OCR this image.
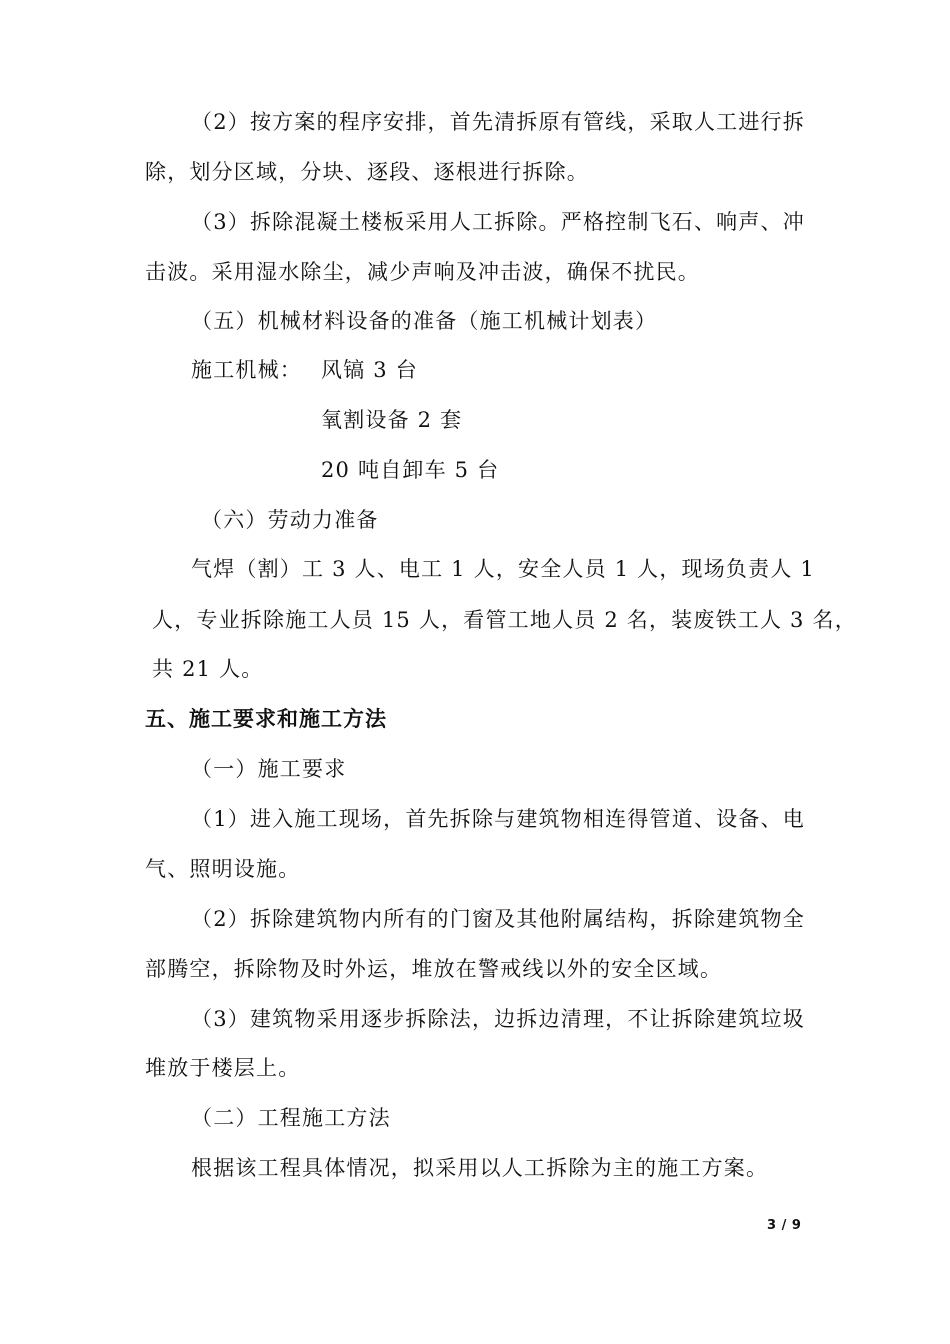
（2）按方案的程序安排，首先清拆原有管线，采取人工进行拆
除，划分区域，分块、逐段、逐根进行拆除。
（3）拆除混凝土楼板采用人工拆除。严格控制飞石、响声、冲
击波。采用湿水除尘，减少声响及冲击波，确保不扰民。
（五）机械材料设备的准备（施工机械计划表）
施工机械： 风镐 3 台
氧割设备 2 套
20 吨自卸车 5 台
（六）劳动力准备
气焊（割）工 3 人、电工 1 人，安全人员 1 人，现场负责人 1
人，专业拆除施工人员 15 人，看管工地人员 2 名，装废铁工人 3 名，
共 21 人。
五、施工要求和施工方法
（一）施工要求
（1）进入施工现场，首先拆除与建筑物相连得管道、设备、电
气、照明设施。
（2）拆除建筑物内所有的门窗及其他附属结构，拆除建筑物全
部腾空，拆除物及时外运，堆放在警戒线以外的安全区域。
（3）建筑物采用逐步拆除法，边拆边清理，不让拆除建筑垃圾
堆放于楼层上。
（二）工程施工方法
根据该工程具体情况，拟采用以人工拆除为主的施工方案。
3 / 9
